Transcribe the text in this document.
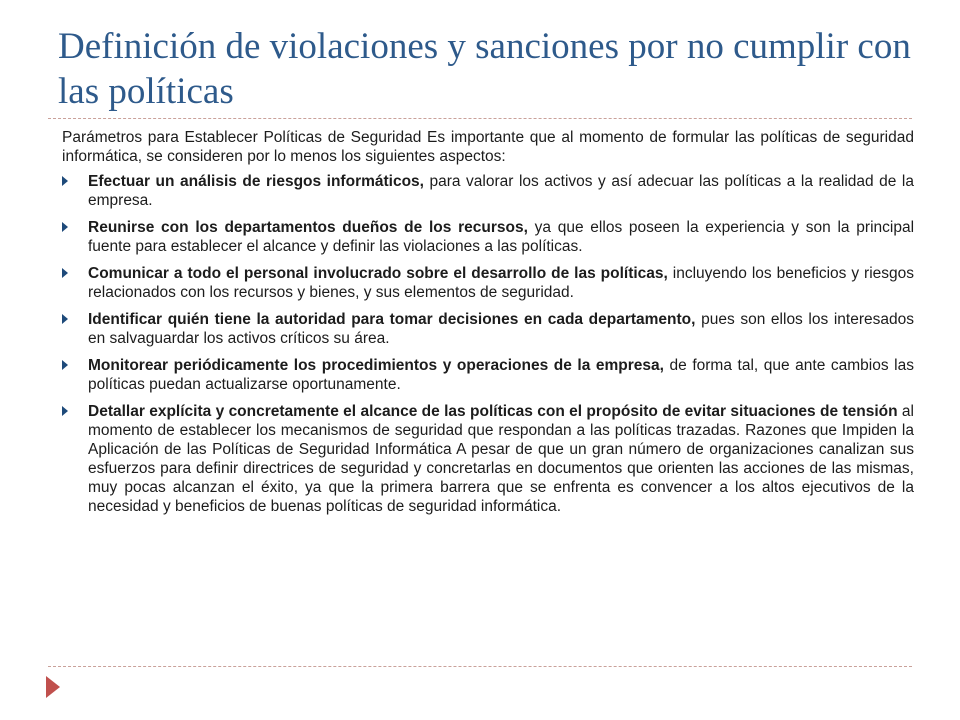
Definición de violaciones y sanciones por no cumplir con las políticas

Parámetros para Establecer Políticas de Seguridad Es importante que al momento de formular las políticas de seguridad informática, se consideren por lo menos los siguientes aspectos:

Efectuar un análisis de riesgos informáticos, para valorar los activos y así adecuar las políticas a la realidad de la empresa.
Reunirse con los departamentos dueños de los recursos, ya que ellos poseen la experiencia y son la principal fuente para establecer el alcance y definir las violaciones a las políticas.
Comunicar a todo el personal involucrado sobre el desarrollo de las políticas, incluyendo los beneficios y riesgos relacionados con los recursos y bienes, y sus elementos de seguridad.
Identificar quién tiene la autoridad para tomar decisiones en cada departamento, pues son ellos los interesados en salvaguardar los activos críticos su área.
Monitorear periódicamente los procedimientos y operaciones de la empresa, de forma tal, que ante cambios las políticas puedan actualizarse oportunamente.
Detallar explícita y concretamente el alcance de las políticas con el propósito de evitar situaciones de tensión al momento de establecer los mecanismos de seguridad que respondan a las políticas trazadas. Razones que Impiden la Aplicación de las Políticas de Seguridad Informática A pesar de que un gran número de organizaciones canalizan sus esfuerzos para definir directrices de seguridad y concretarlas en documentos que orienten las acciones de las mismas, muy pocas alcanzan el éxito, ya que la primera barrera que se enfrenta es convencer a los altos ejecutivos de la necesidad y beneficios de buenas políticas de seguridad informática.
